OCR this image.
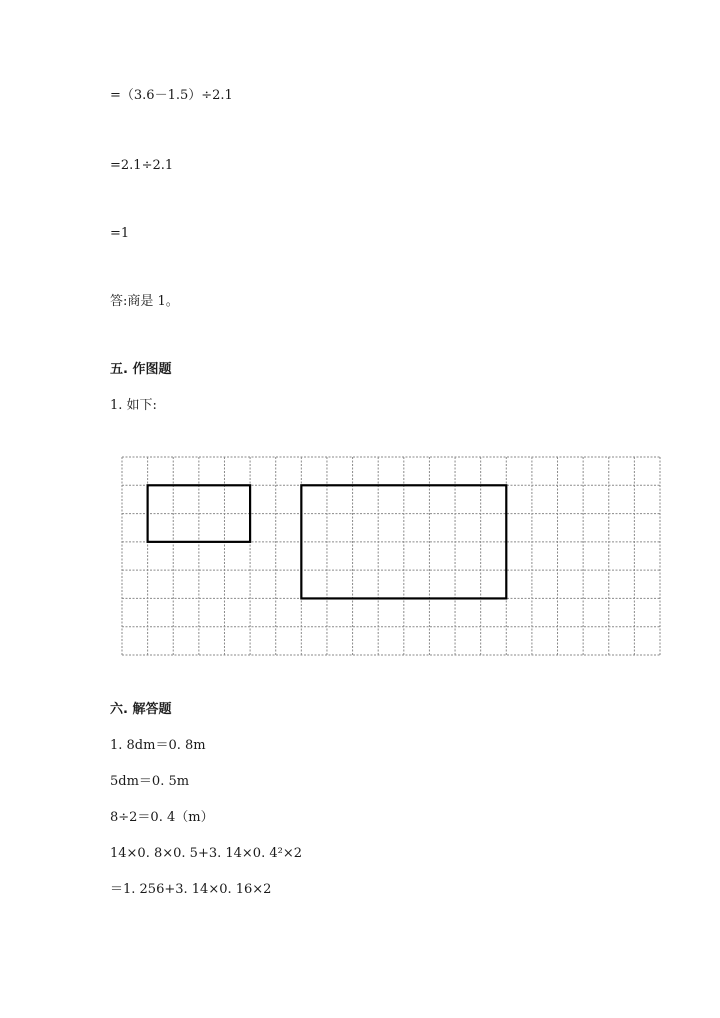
=（3.6－1.5）÷2.1
=2.1÷2.1
=1
答:商是 1。
五. 作图题
1. 如下:
六. 解答题
1. 8dm＝0. 8m
5dm＝0. 5m
8÷2＝0. 4（m）
14×0. 8×0. 5+3. 14×0. 4²×2
＝1. 256+3. 14×0. 16×2
